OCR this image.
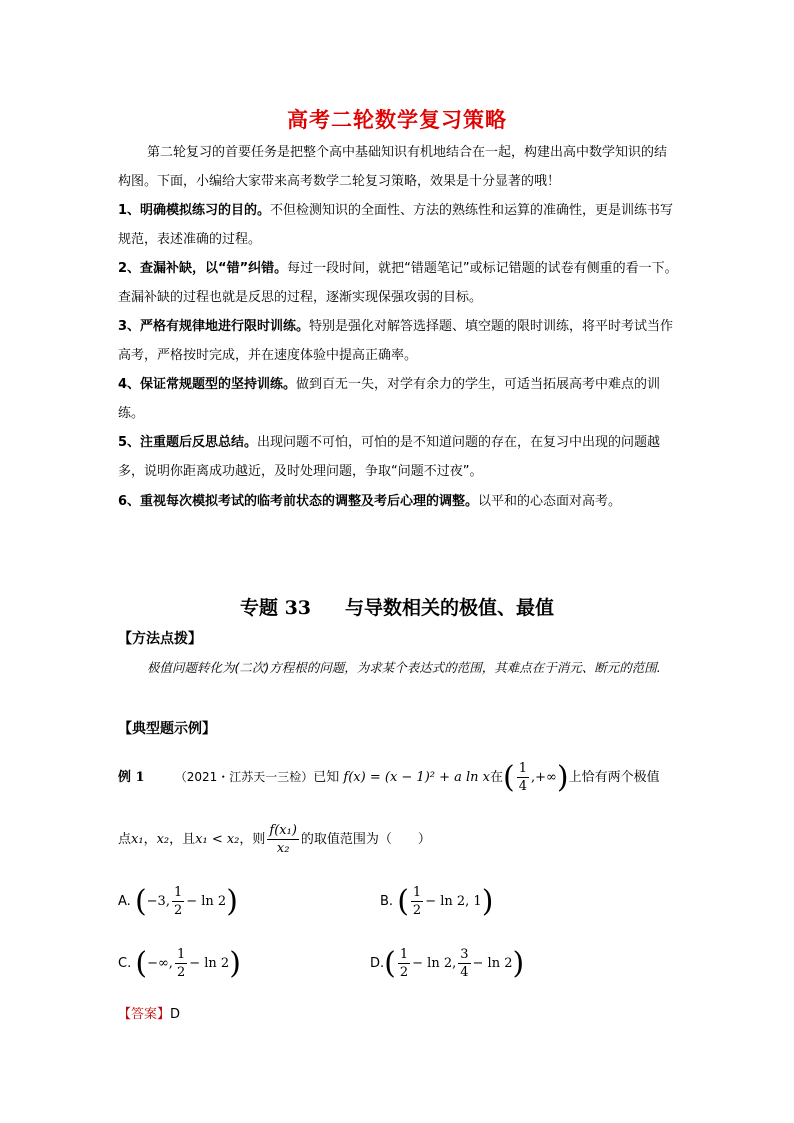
高考二轮数学复习策略
第二轮复习的首要任务是把整个高中基础知识有机地结合在一起，构建出高中数学知识的结构图。下面，小编给大家带来高考数学二轮复习策略，效果是十分显著的哦！
1、明确模拟练习的目的。不但检测知识的全面性、方法的熟练性和运算的准确性，更是训练书写规范，表述准确的过程。
2、查漏补缺，以“错”纠错。每过一段时间，就把“错题笔记”或标记错题的试卷有侧重的看一下。查漏补缺的过程也就是反思的过程，逐渐实现保强攻弱的目标。
3、严格有规律地进行限时训练。特别是强化对解答选择题、填空题的限时训练，将平时考试当作高考，严格按时完成，并在速度体验中提高正确率。
4、保证常规题型的坚持训练。做到百无一失，对学有余力的学生，可适当拓展高考中难点的训练。
5、注重题后反思总结。出现问题不可怕，可怕的是不知道问题的存在，在复习中出现的问题越多，说明你距离成功越近，及时处理问题，争取“问题不过夜”。
6、重视每次模拟考试的临考前状态的调整及考后心理的调整。以平和的心态面对高考。
专题 33 与导数相关的极值、最值
【方法点拨】
极值问题转化为(二次)方程根的问题，为求某个表达式的范围，其难点在于消元、断元的范围.
【典型题示例】
例 1	（2021・江苏天一三检）已知 f(x) = (x − 1)² + a ln x在( $\frac{1}{4}$ ,+∞)上恰有两个极值
点x₁，x₂，且x₁ < x₂，则 $\frac{\text{f(x₁)}}{\text{x₂}}$ 的取值范围为（　　）
A. (−3, $\frac{1}{2} - \ln 2$)	B. ( $\frac{1}{2} - \ln 2$, 1)
C. (−∞, $\frac{1}{2} - \ln 2$)	$D.( \frac{1}{2} - \ln 2$, $\frac{3}{4} - \ln 2$)
【答案】D
